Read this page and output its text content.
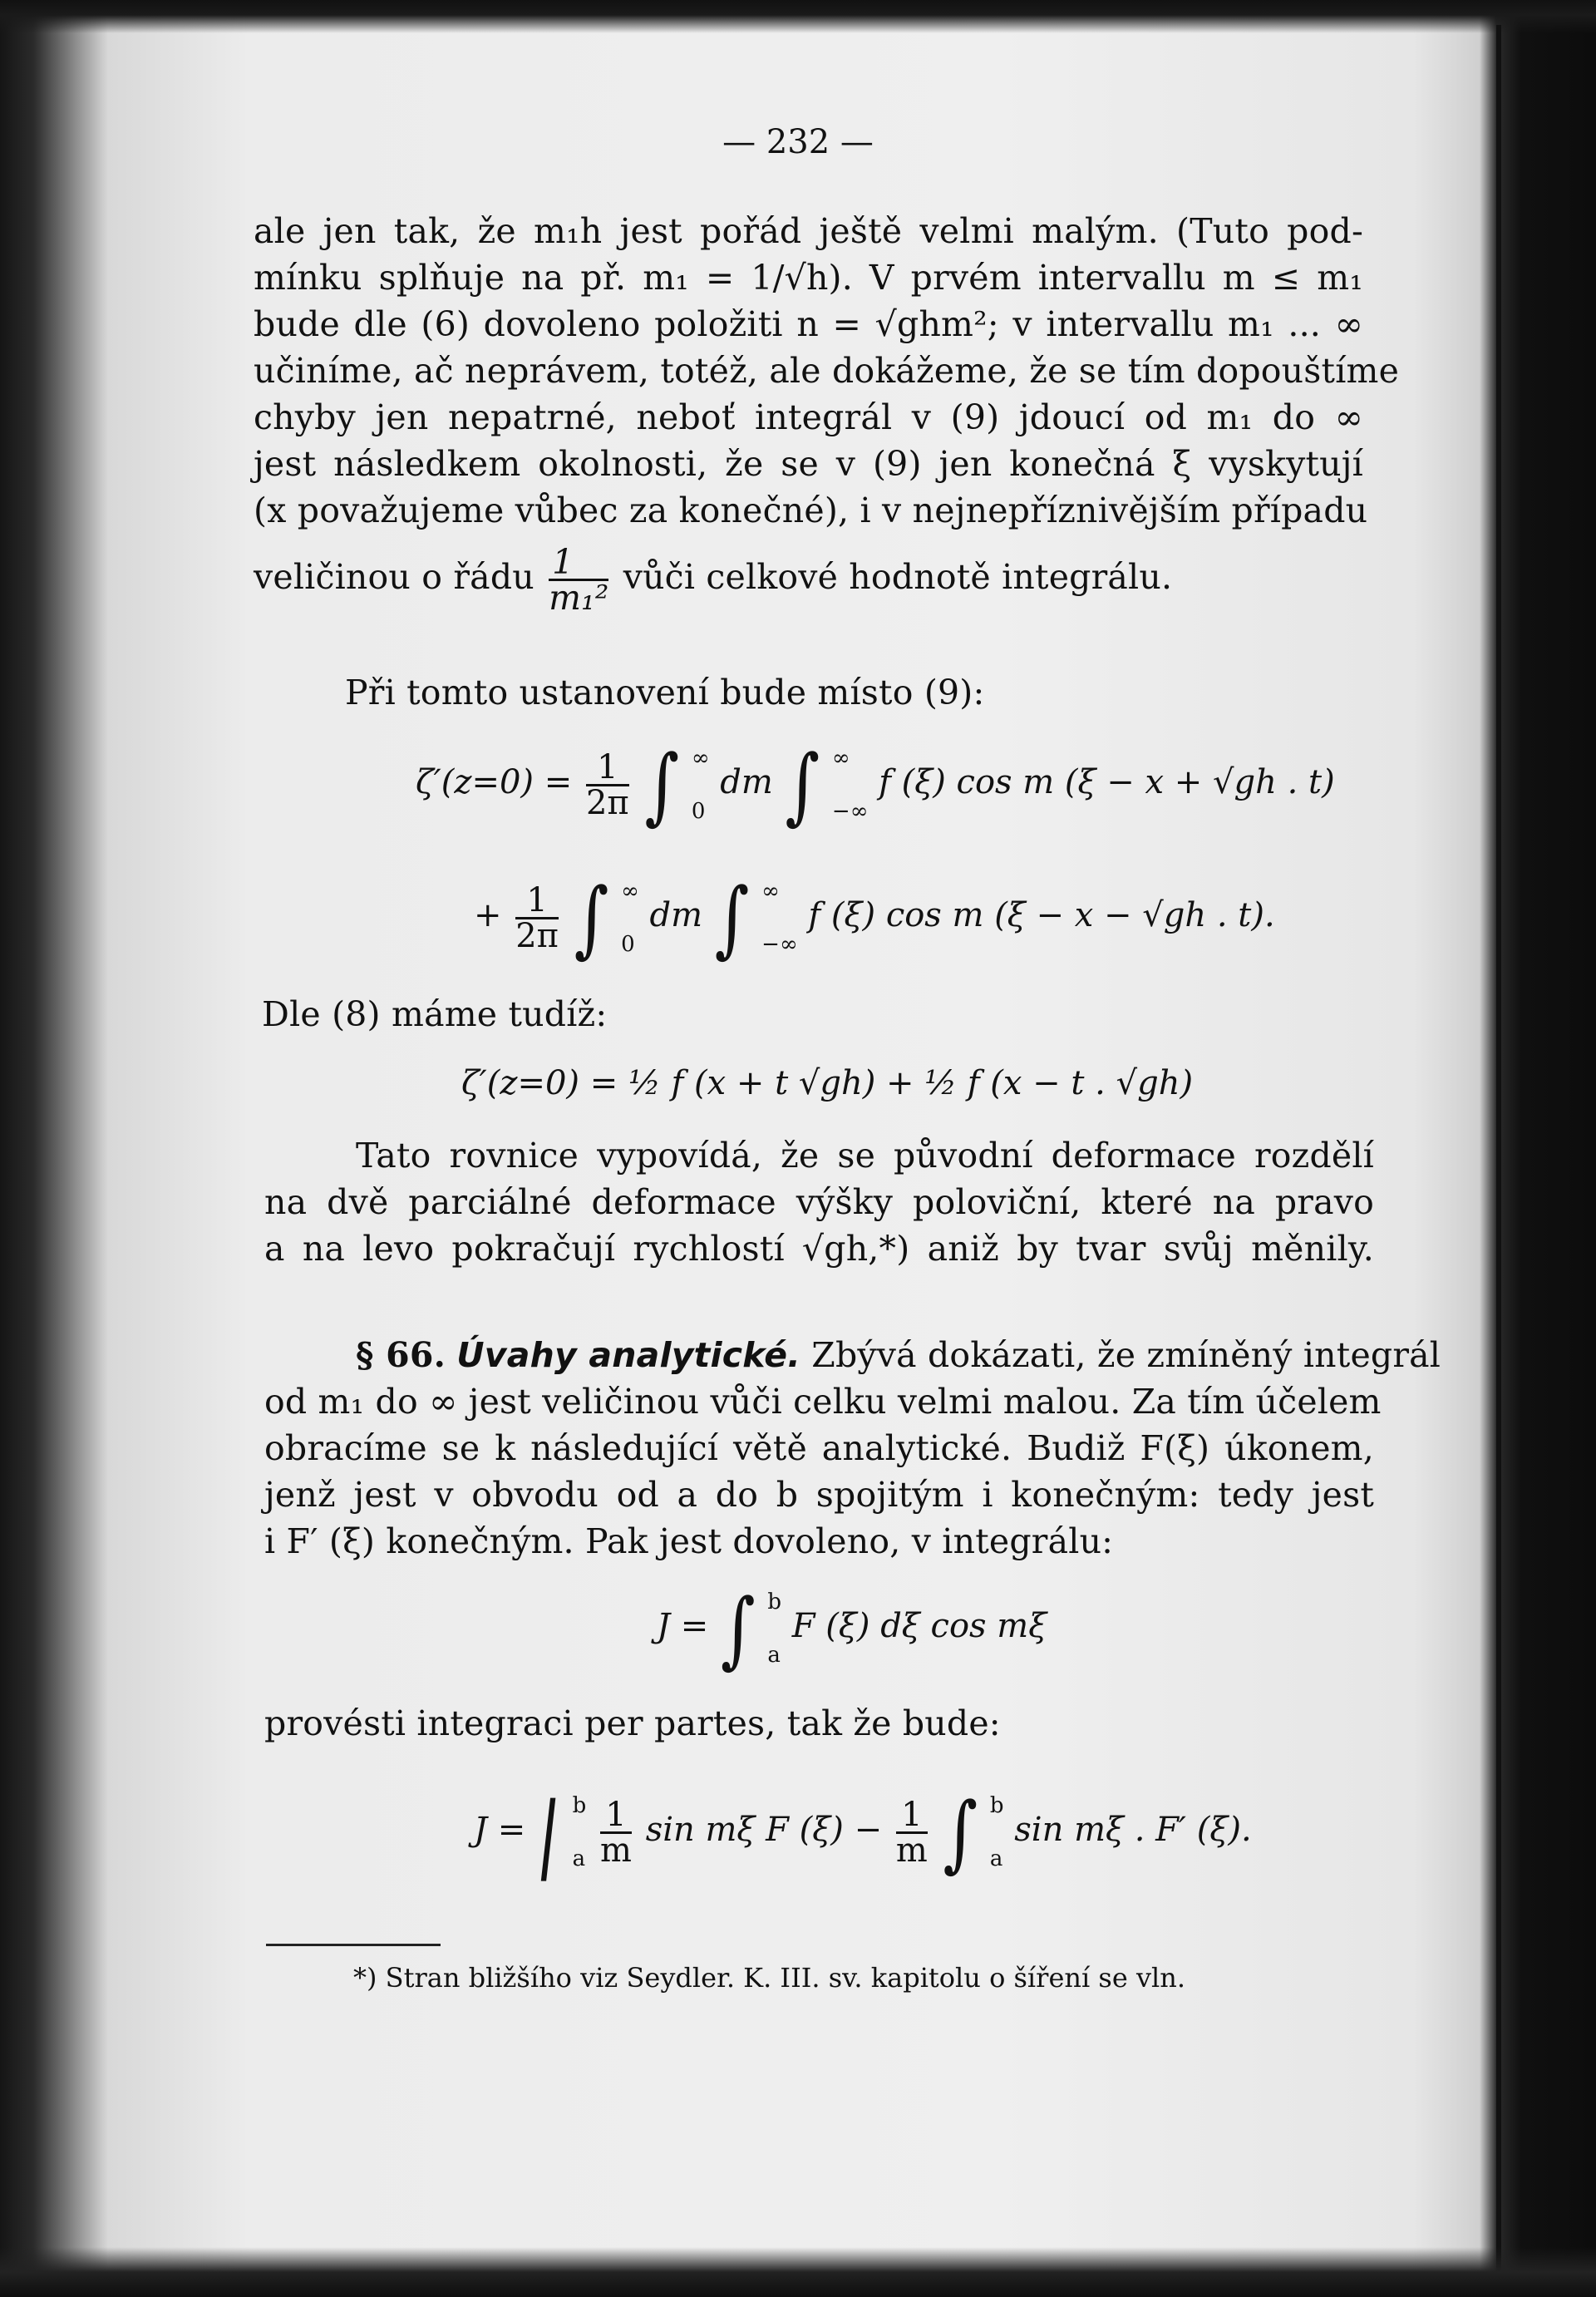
— 232 —
ale jen tak, že m₁h jest pořád ještě velmi malým. (Tuto pod-
mínku splňuje na př. m₁ = 1/√h). V prvém intervallu m ≤ m₁
bude dle (6) dovoleno položiti n = √ghm²; v intervallu m₁ ... ∞
učiníme, ač neprávem, totéž, ale dokážeme, že se tím dopouštíme
chyby jen nepatrné, neboť integrál v (9) jdoucí od m₁ do ∞
jest následkem okolnosti, že se v (9) jen konečná ξ vyskytují
(x považujeme vůbec za konečné), i v nejnepříznivějším případu
veličinou o řádu $\frac{1}{\text{m₁²}}$ vůči celkové hodnotě integrálu.
Při tomto ustanovení bude místo (9):
$\zeta'(z=0) = \frac{1}{2\pi}$ ∫ ∞
0
dm ∫ ∞
−∞
f (ξ) cos m (ξ − x + √gh . t)
+ $\frac{1}{2\pi}$ ∫ ∞
0
dm ∫ ∞
−∞
f (ξ) cos m (ξ − x − √gh . t).
Dle (8) máme tudíž:
ζ′(z=0) = ½ f (x + t √gh) + ½ f (x − t . √gh)
Tato rovnice vypovídá, že se původní deformace rozdělí
na dvě parciálné deformace výšky poloviční, které na pravo
a na levo pokračují rychlostí √gh,*) aniž by tvar svůj měnily.
§ 66. Úvahy analytické. Zbývá dokázati, že zmíněný integrál
od m₁ do ∞ jest veličinou vůči celku velmi malou. Za tím účelem
obracíme se k následující větě analytické. Budiž F(ξ) úkonem,
jenž jest v obvodu od a do b spojitým i konečným: tedy jest
i F′ (ξ) konečným. Pak jest dovoleno, v integrálu:
J = ∫ b
a
F (ξ) dξ cos mξ
provésti integraci per partes, tak že bude:
J = | b
a
$\frac{1}{m}$ sin mξ F $(\xi) - \frac{1}{m}$ ∫ b
a
sin mξ . F′ (ξ).
*) Stran bližšího viz Seydler. K. III. sv. kapitolu o šíření se vln.
